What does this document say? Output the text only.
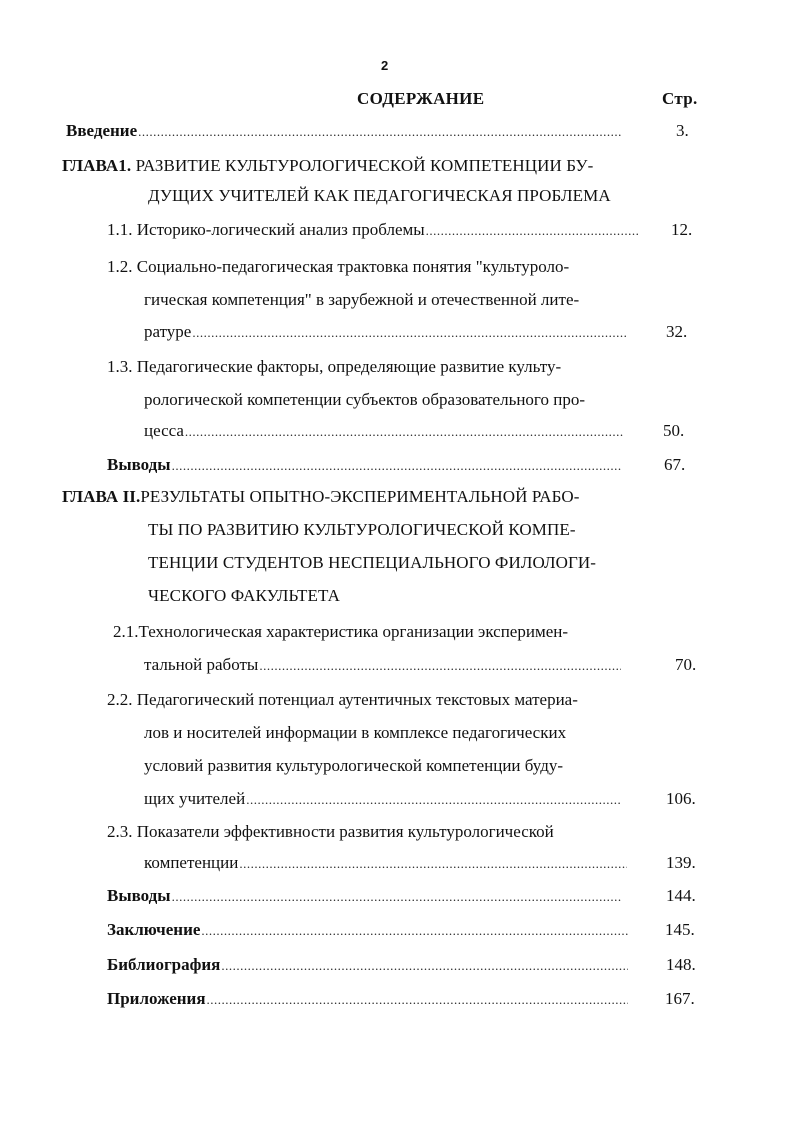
2
СОДЕРЖАНИЕ	Стр.
Введение .....	3.
ГЛАВА1. РАЗВИТИЕ КУЛЬТУРОЛОГИЧЕСКОЙ КОМПЕТЕНЦИИ БУ-
ДУЩИХ УЧИТЕЛЕЙ КАК ПЕДАГОГИЧЕСКАЯ ПРОБЛЕМА
1.1. Историко-логический анализ проблемы .....	12.
1.2. Социально-педагогическая трактовка понятия "культуроло-
гическая компетенция" в зарубежной и отечественной лите-
ратуре .....	32.
1.3. Педагогические факторы, определяющие развитие культу-
рологической компетенции субъектов образовательного про-
цесса .....	50.
Выводы .....	67.
ГЛАВА II.РЕЗУЛЬТАТЫ ОПЫТНО-ЭКСПЕРИМЕНТАЛЬНОЙ РАБО-
ТЫ ПО РАЗВИТИЮ КУЛЬТУРОЛОГИЧЕСКОЙ КОМПЕ-
ТЕНЦИИ СТУДЕНТОВ НЕСПЕЦИАЛЬНОГО ФИЛОЛОГИ-
ЧЕСКОГО ФАКУЛЬТЕТА
2.1.Технологическая характеристика организации эксперимен-
тальной работы .....	70.
2.2. Педагогический потенциал аутентичных текстовых материа-
лов и носителей информации в комплексе педагогических
условий развития культурологической компетенции буду-
щих учителей .....	106.
2.3. Показатели эффективности развития культурологической
компетенции .....	139.
Выводы .....	144.
Заключение .....	145.
Библиография .....	148.
Приложения .....	167.
